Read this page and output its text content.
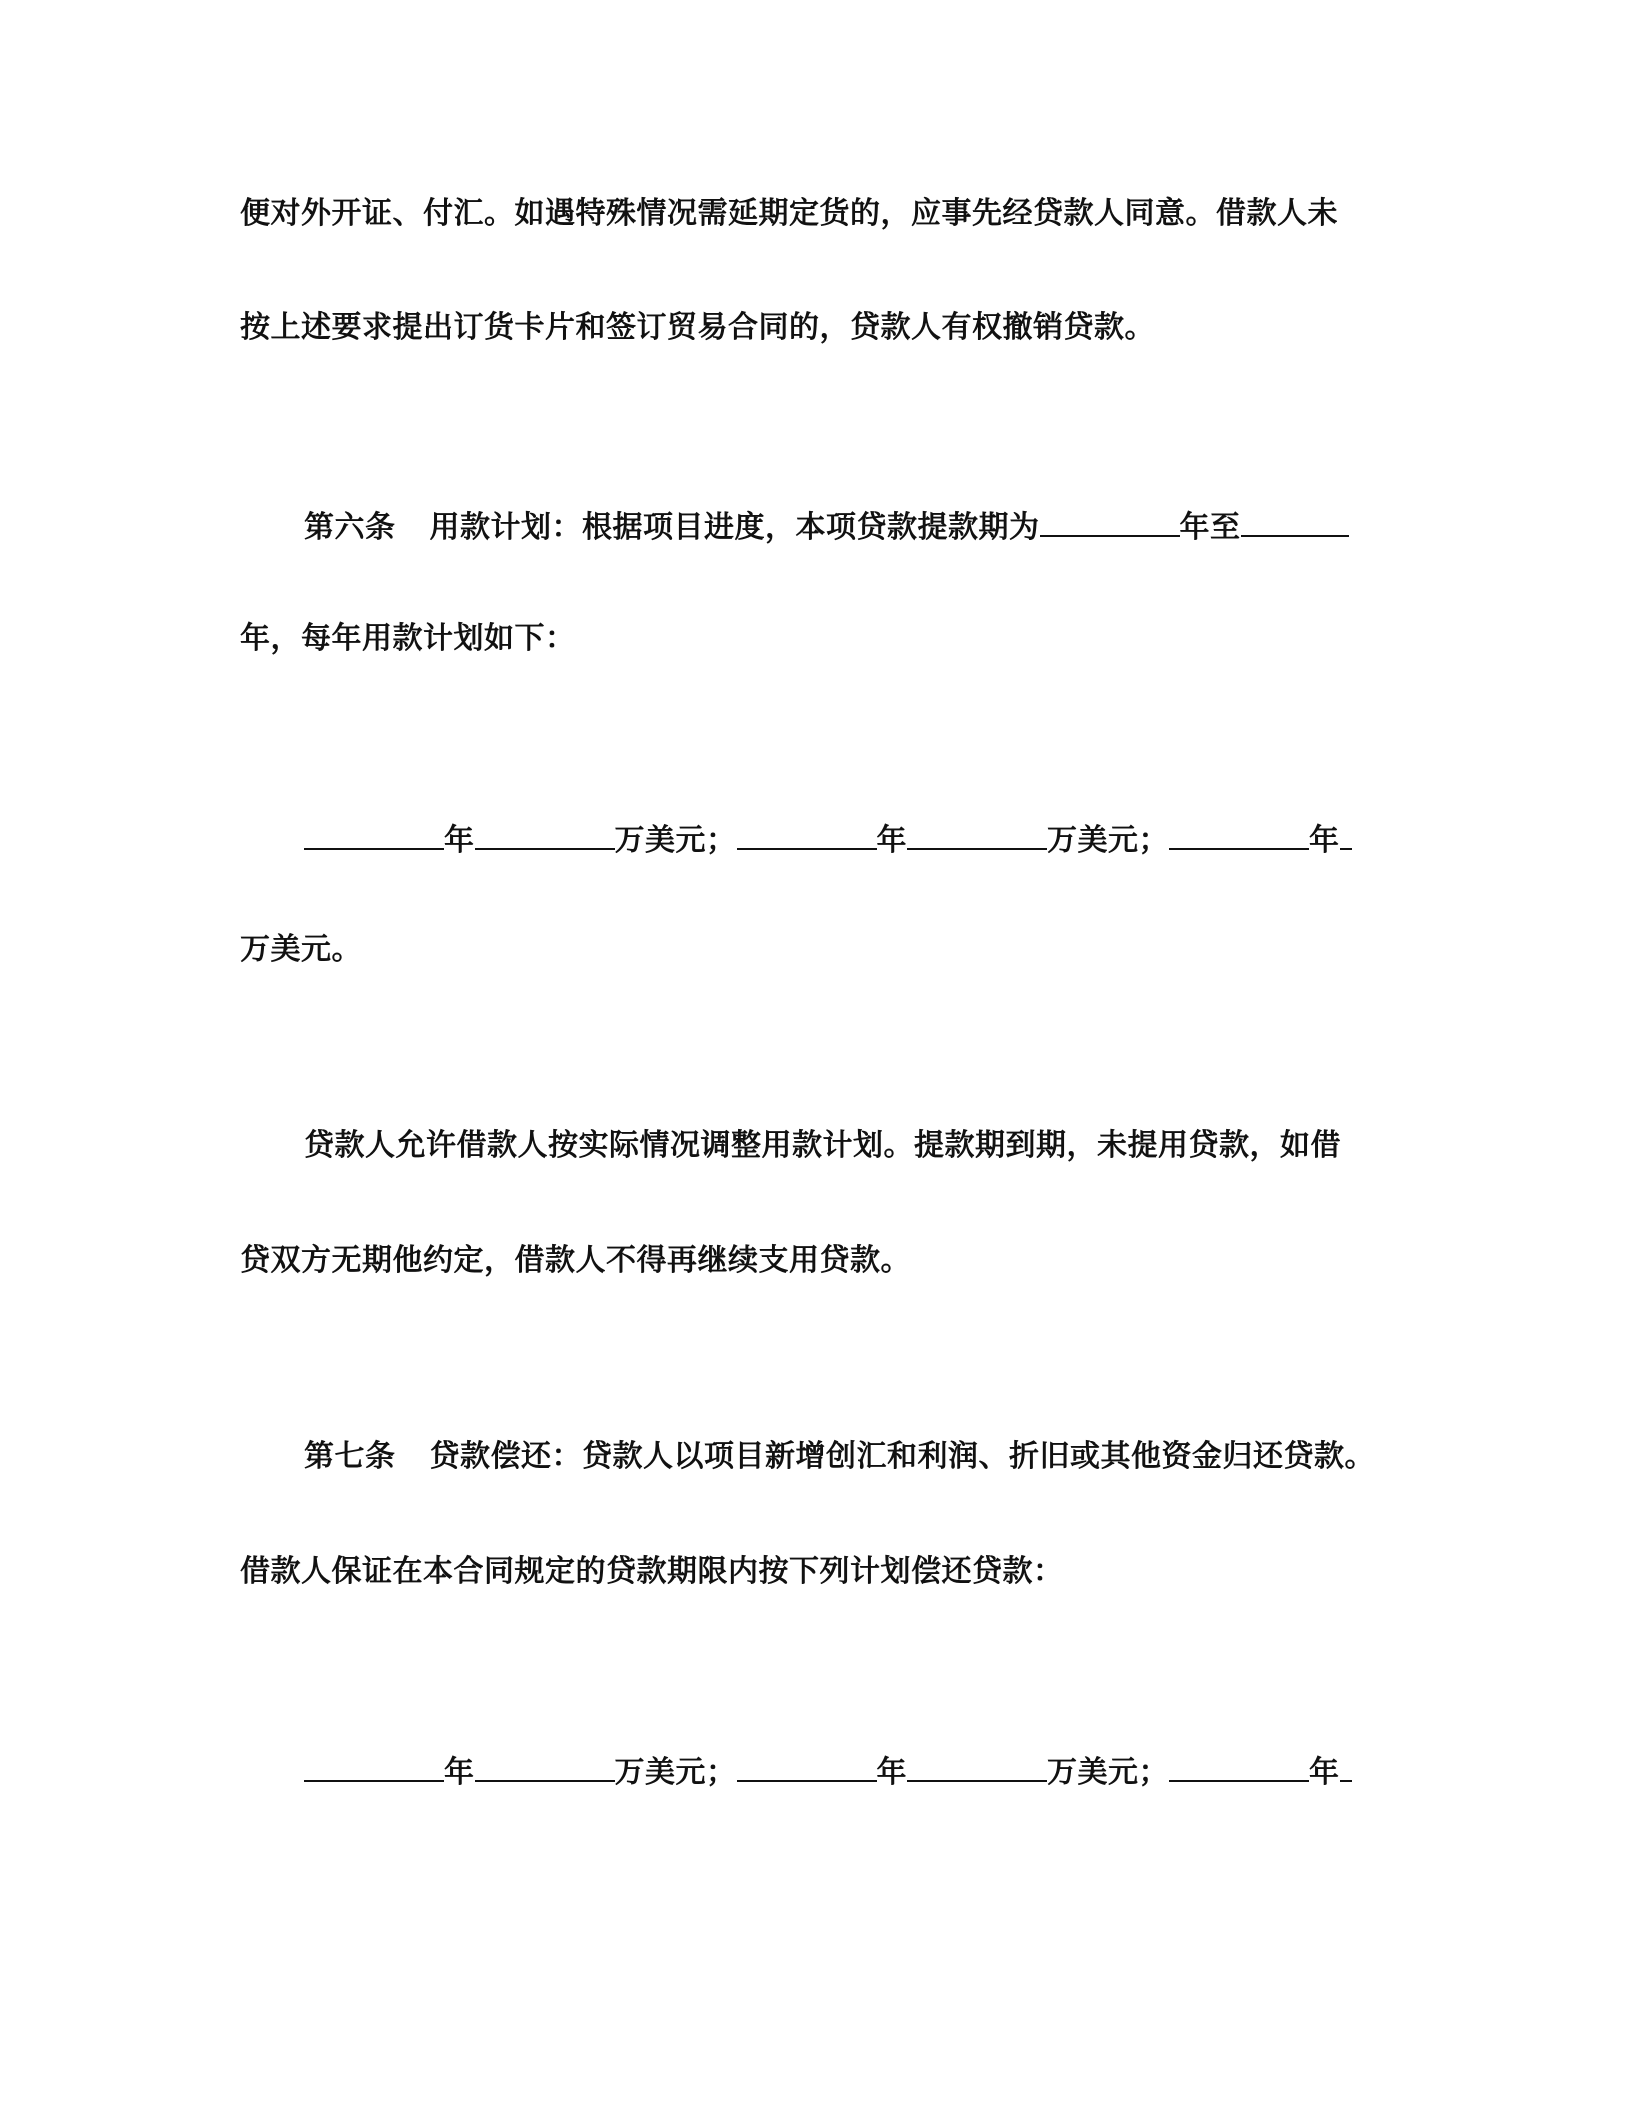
便对外开证、付汇。如遇特殊情况需延期定货的，应事先经贷款人同意。借款人未
按上述要求提出订货卡片和签订贸易合同的，贷款人有权撤销贷款。
第六条 用款计划：根据项目进度，本项贷款提款期为	年至
年，每年用款计划如下：
年	万美元；	年	万美元；	年
万美元。
贷款人允许借款人按实际情况调整用款计划。提款期到期，未提用贷款，如借
贷双方无期他约定，借款人不得再继续支用贷款。
第七条 贷款偿还：贷款人以项目新增创汇和利润、折旧或其他资金归还贷款。
借款人保证在本合同规定的贷款期限内按下列计划偿还贷款：
年	万美元；	年	万美元；	年
